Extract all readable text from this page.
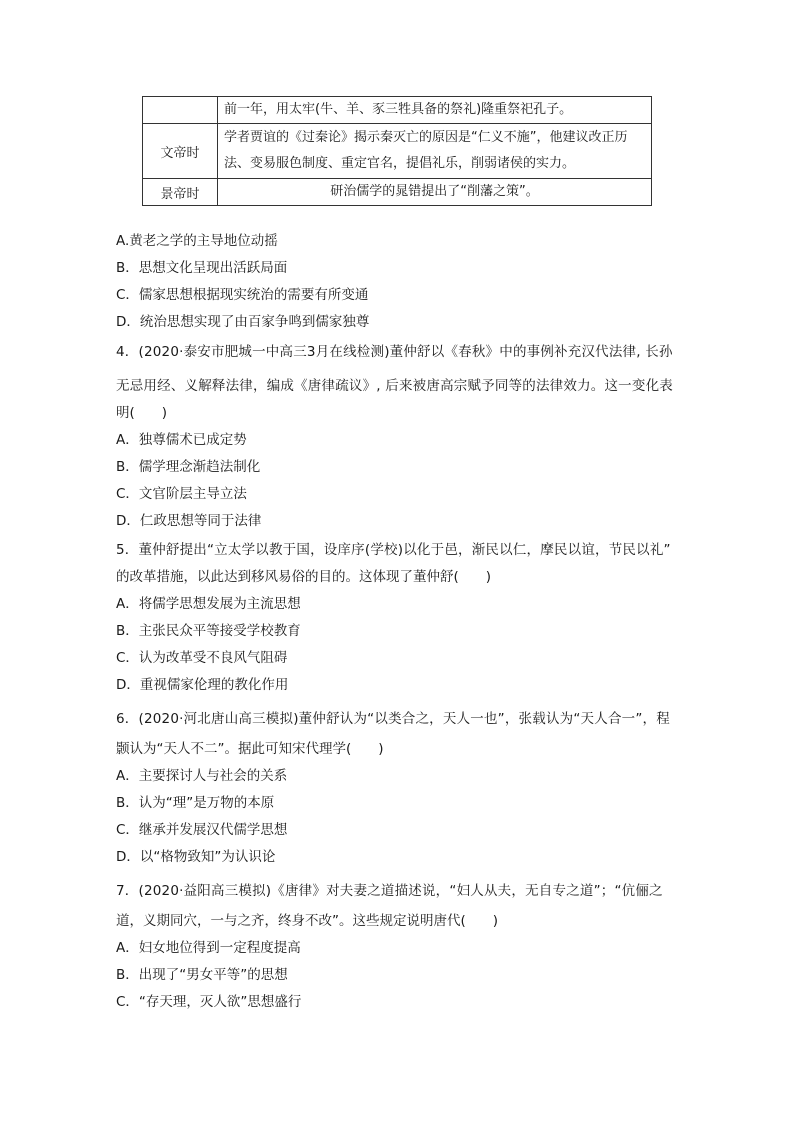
	前一年，用太牢(牛、羊、豕三牲具备的祭礼)隆重祭祀孔子。
文帝时	学者贾谊的《过秦论》揭示秦灭亡的原因是“仁义不施”，他建议改正历法、变易服色制度、重定官名，提倡礼乐，削弱诸侯的实力。
景帝时	研治儒学的晁错提出了“削藩之策”。
A.黄老之学的主导地位动摇
B．思想文化呈现出活跃局面
C．儒家思想根据现实统治的需要有所变通
D．统治思想实现了由百家争鸣到儒家独尊
4．(2020·泰安市肥城一中高三3月在线检测)董仲舒以《春秋》中的事例补充汉代法律, 长孙
无忌用经、义解释法律，编成《唐律疏议》, 后来被唐高宗赋予同等的法律效力。这一变化表
明(　　)
A．独尊儒术已成定势
B．儒学理念渐趋法制化
C．文官阶层主导立法
D．仁政思想等同于法律
5．董仲舒提出“立太学以教于国，设庠序(学校)以化于邑，渐民以仁，摩民以谊，节民以礼”
的改革措施，以此达到移风易俗的目的。这体现了董仲舒(　　)
A．将儒学思想发展为主流思想
B．主张民众平等接受学校教育
C．认为改革受不良风气阻碍
D．重视儒家伦理的教化作用
6．(2020·河北唐山高三模拟)董仲舒认为“以类合之，天人一也”，张载认为“天人合一”，程
颢认为“天人不二”。据此可知宋代理学(　　)
A．主要探讨人与社会的关系
B．认为“理”是万物的本原
C．继承并发展汉代儒学思想
D．以“格物致知”为认识论
7．(2020·益阳高三模拟)《唐律》对夫妻之道描述说，“妇人从夫，无自专之道”；“伉俪之
道，义期同穴，一与之齐，终身不改”。这些规定说明唐代(　　)
A．妇女地位得到一定程度提高
B．出现了“男女平等”的思想
C．“存天理，灭人欲”思想盛行
